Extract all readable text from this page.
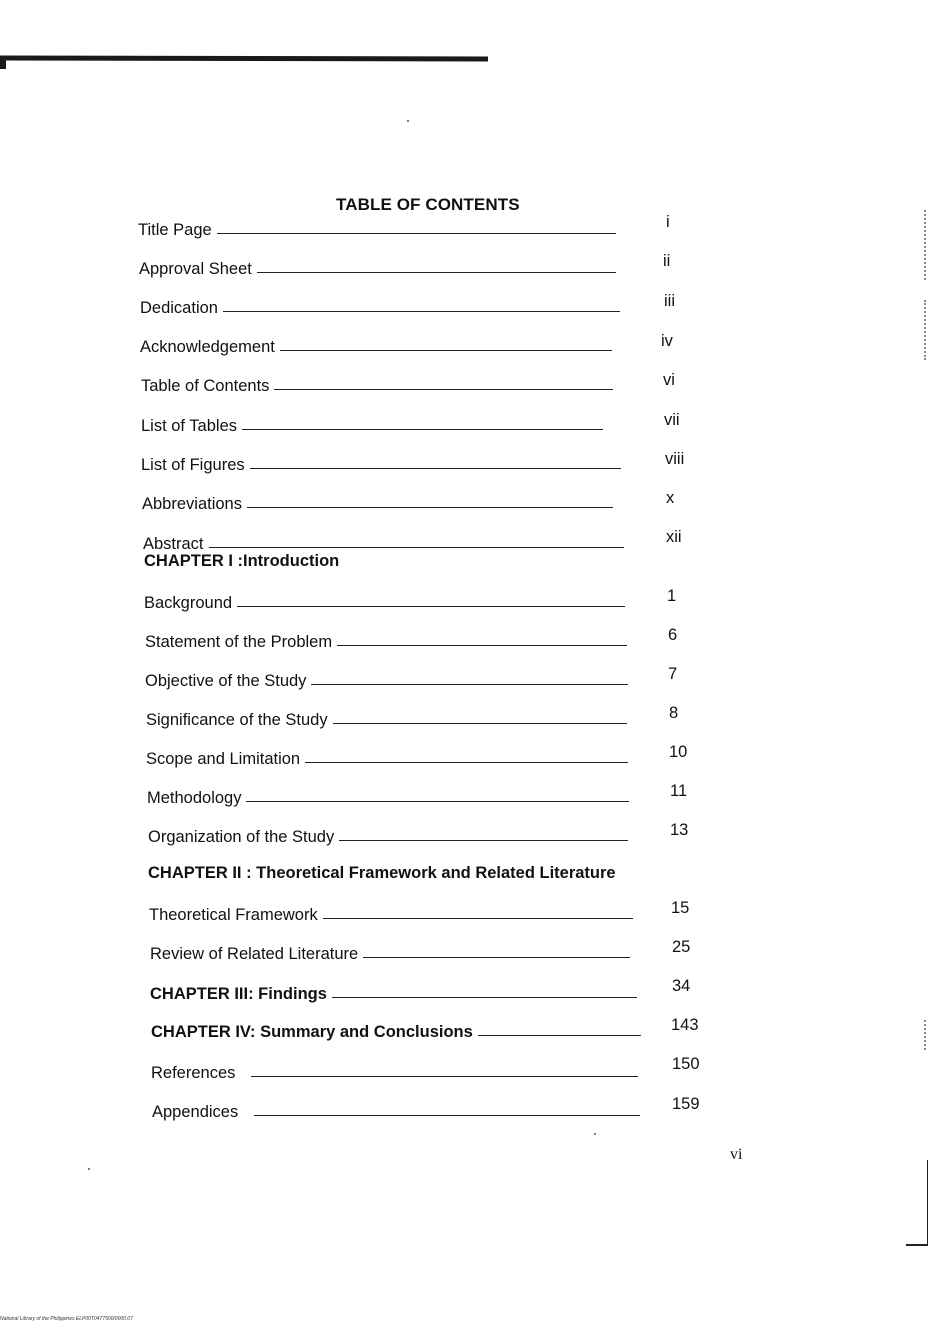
TABLE OF CONTENTS
Title Page	i
Approval Sheet	ii
Dedication	iii
Acknowledgement	iv
Table of Contents	vi
List of Tables	vii
List of Figures	viii
Abbreviations	x
Abstract	xii
CHAPTER I :Introduction
Background	1
Statement of the Problem	6
Objective of the Study	7
Significance of the Study	8
Scope and Limitation	10
Methodology	11
Organization of the Study	13
CHAPTER II : Theoretical Framework and Related Literature
Theoretical Framework	15
Review of Related Literature	25
CHAPTER III: Findings	34
CHAPTER IV: Summary and Conclusions	143
References	150
Appendices	159
vi
National Library of the Philippines ELP00T0477500/0000.07
